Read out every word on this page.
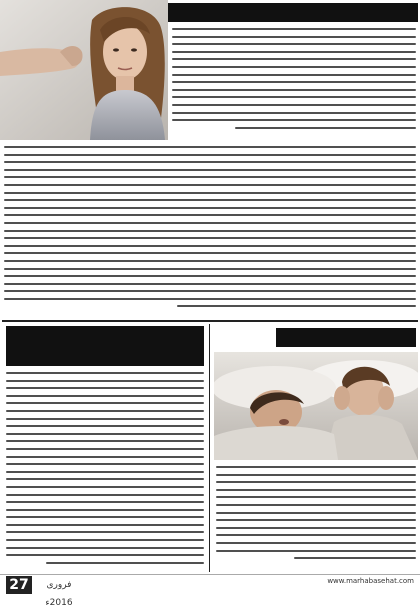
27	فروری 2016ء
www.marhabasehat.com
